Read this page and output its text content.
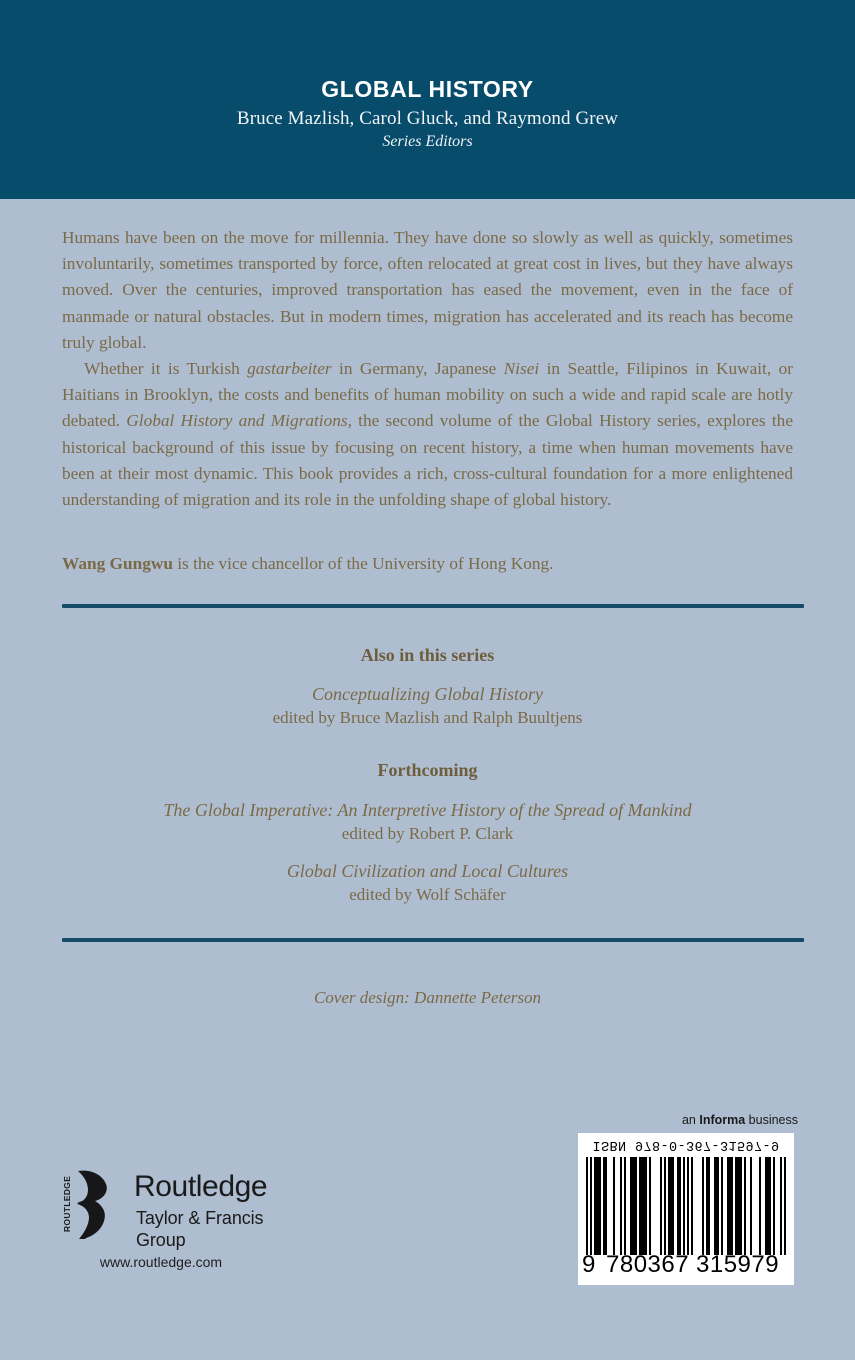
GLOBAL HISTORY
Bruce Mazlish, Carol Gluck, and Raymond Grew
Series Editors

Humans have been on the move for millennia. They have done so slowly as well as quickly, sometimes involuntarily, sometimes transported by force, often relocated at great cost in lives, but they have always moved. Over the centuries, improved transportation has eased the movement, even in the face of manmade or natural obstacles. But in modern times, migration has accelerated and its reach has become truly global.

Whether it is Turkish gastarbeiter in Germany, Japanese Nisei in Seattle, Filipinos in Kuwait, or Haitians in Brooklyn, the costs and benefits of human mobility on such a wide and rapid scale are hotly debated. Global History and Migrations, the second volume of the Global History series, explores the historical background of this issue by focusing on recent history, a time when human movements have been at their most dynamic. This book provides a rich, cross-cultural foundation for a more enlightened understanding of migration and its role in the unfolding shape of global history.

Wang Gungwu is the vice chancellor of the University of Hong Kong.
Also in this series
Conceptualizing Global History
edited by Bruce Mazlish and Ralph Buultjens
Forthcoming
The Global Imperative: An Interpretive History of the Spread of Mankind
edited by Robert P. Clark
Global Civilization and Local Cultures
edited by Wolf Schäfer
Cover design: Dannette Peterson
ROUTLEDGE Routledge
Taylor & Francis Group
www.routledge.com
an Informa business
ISBN 978-0-367-31597-9
9 780367 315979
